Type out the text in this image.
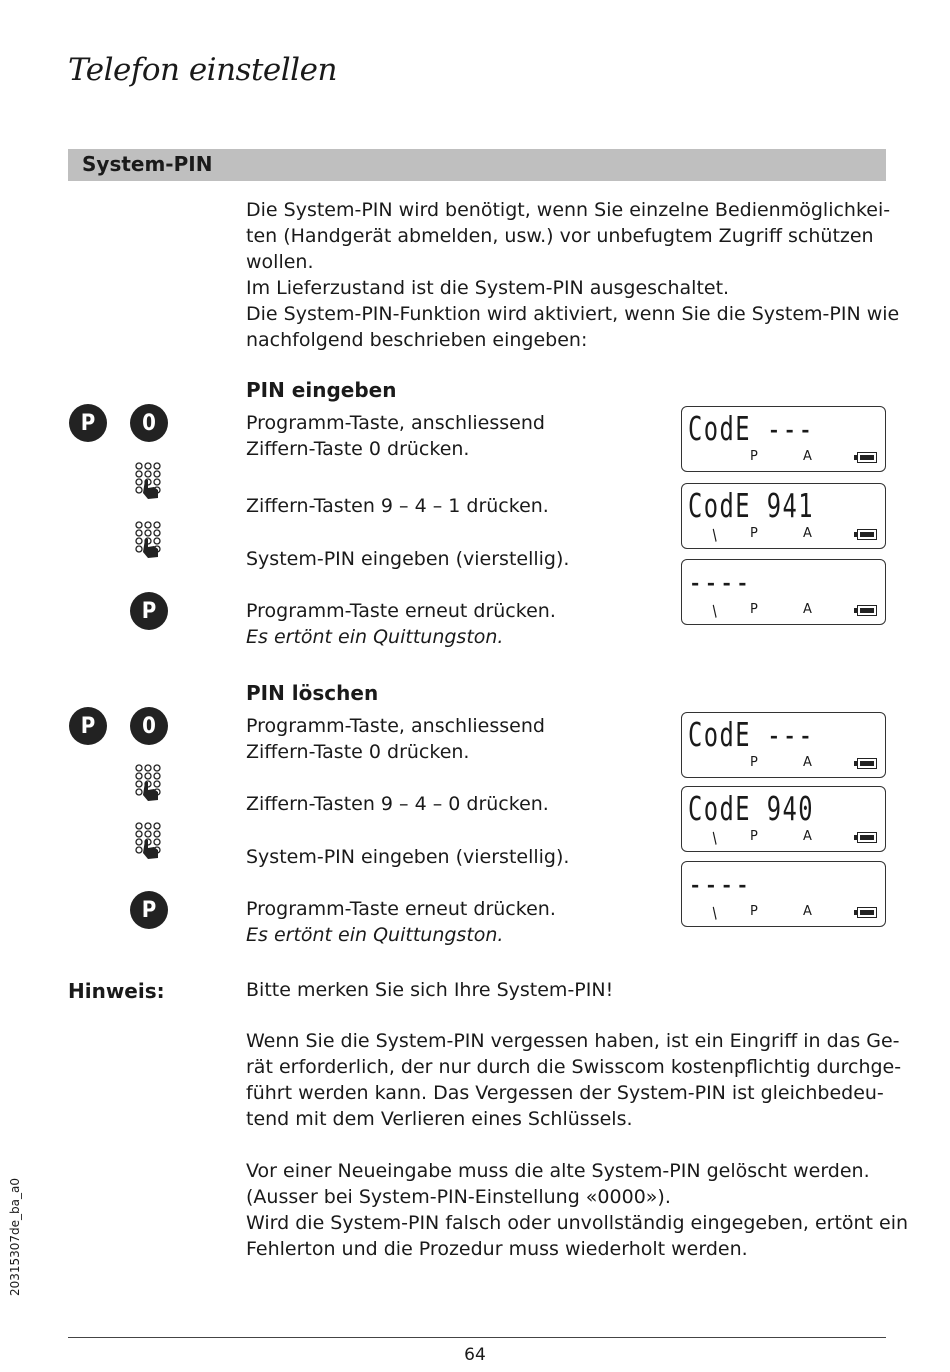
Telefon einstellen
System-PIN
Die System-PIN wird benötigt, wenn Sie einzelne Bedienmöglichkei-
ten (Handgerät abmelden, usw.) vor unbefugtem Zugriff schützen
wollen.
Im Lieferzustand ist die System-PIN ausgeschaltet.
Die System-PIN-Funktion wird aktiviert, wenn Sie die System-PIN wie
nachfolgend beschrieben eingeben:
PIN eingeben
P	0
P
Programm-Taste, anschliessend
Ziffern-Taste 0 drücken.
Ziffern-Tasten 9 – 4 – 1 drücken.
System-PIN eingeben (vierstellig).
Programm-Taste erneut drücken.
Es ertönt ein Quittungston.
CodE ---
P	A
CodE 941
/ P	A
----
/ P	A
PIN löschen
P	0
P
Programm-Taste, anschliessend
Ziffern-Taste 0 drücken.
Ziffern-Tasten 9 – 4 – 0 drücken.
System-PIN eingeben (vierstellig).
Programm-Taste erneut drücken.
Es ertönt ein Quittungston.
CodE ---
P	A
CodE 940
/ P	A
----
/ P	A
Hinweis:	Bitte merken Sie sich Ihre System-PIN!
Wenn Sie die System-PIN vergessen haben, ist ein Eingriff in das Ge-
rät erforderlich, der nur durch die Swisscom kostenpflichtig durchge-
führt werden kann. Das Vergessen der System-PIN ist gleichbedeu-
tend mit dem Verlieren eines Schlüssels.
Vor einer Neueingabe muss die alte System-PIN gelöscht werden.
(Ausser bei System-PIN-Einstellung «0000»).
Wird die System-PIN falsch oder unvollständig eingegeben, ertönt ein
Fehlerton und die Prozedur muss wiederholt werden.
20315307de_ba_a0
64
